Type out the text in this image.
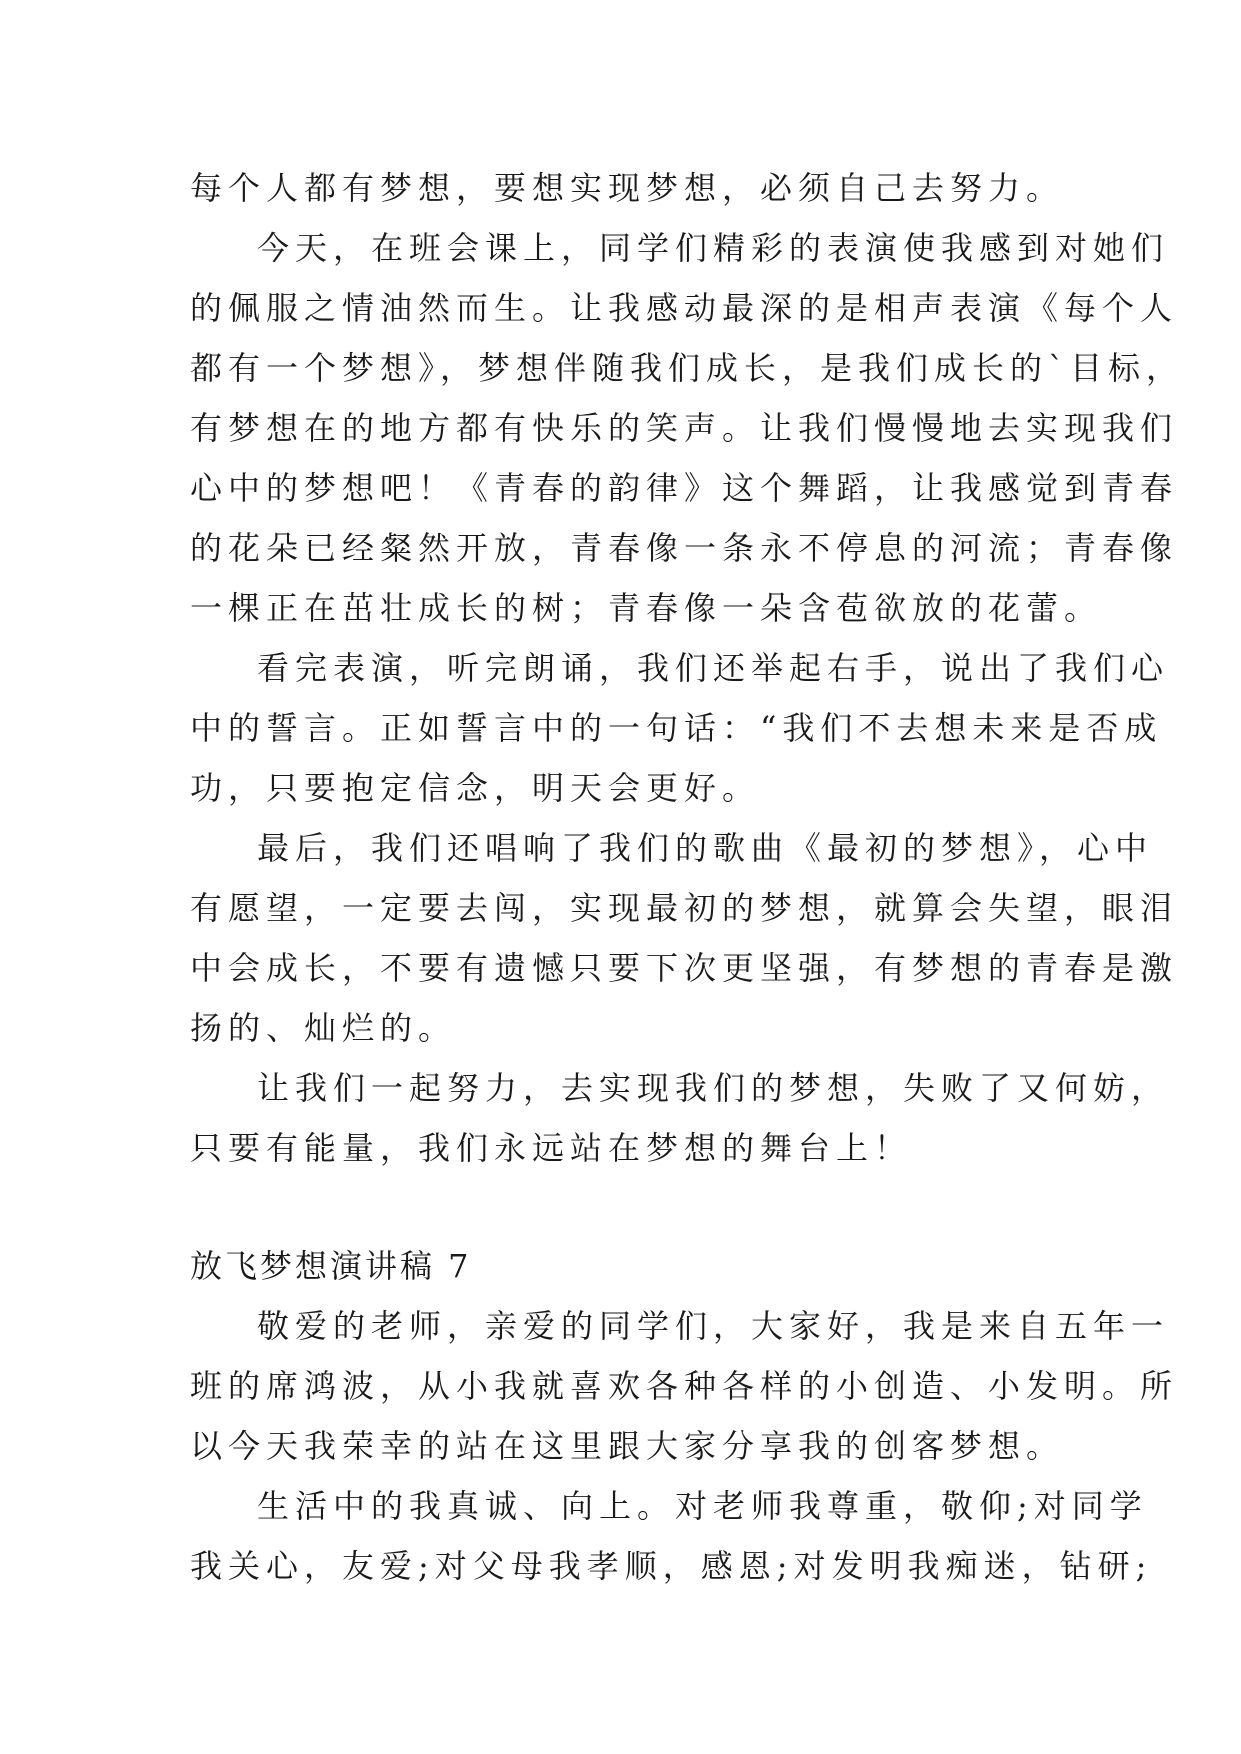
每个人都有梦想，要想实现梦想，必须自己去努力。
今天，在班会课上，同学们精彩的表演使我感到对她们
的佩服之情油然而生。让我感动最深的是相声表演《每个人
都有一个梦想》，梦想伴随我们成长，是我们成长的`目标，
有梦想在的地方都有快乐的笑声。让我们慢慢地去实现我们
心中的梦想吧！《青春的韵律》这个舞蹈，让我感觉到青春
的花朵已经粲然开放，青春像一条永不停息的河流；青春像
一棵正在茁壮成长的树；青春像一朵含苞欲放的花蕾。
看完表演，听完朗诵，我们还举起右手，说出了我们心
中的誓言。正如誓言中的一句话：“我们不去想未来是否成
功，只要抱定信念，明天会更好。
最后，我们还唱响了我们的歌曲《最初的梦想》，心中
有愿望，一定要去闯，实现最初的梦想，就算会失望，眼泪
中会成长，不要有遗憾只要下次更坚强，有梦想的青春是激
扬的、灿烂的。
让我们一起努力，去实现我们的梦想，失败了又何妨，
只要有能量，我们永远站在梦想的舞台上！
放飞梦想演讲稿 7
敬爱的老师，亲爱的同学们，大家好，我是来自五年一
班的席鸿波，从小我就喜欢各种各样的小创造、小发明。所
以今天我荣幸的站在这里跟大家分享我的创客梦想。
生活中的我真诚、向上。对老师我尊重，敬仰;对同学
我关心，友爱;对父母我孝顺，感恩;对发明我痴迷，钻研;
